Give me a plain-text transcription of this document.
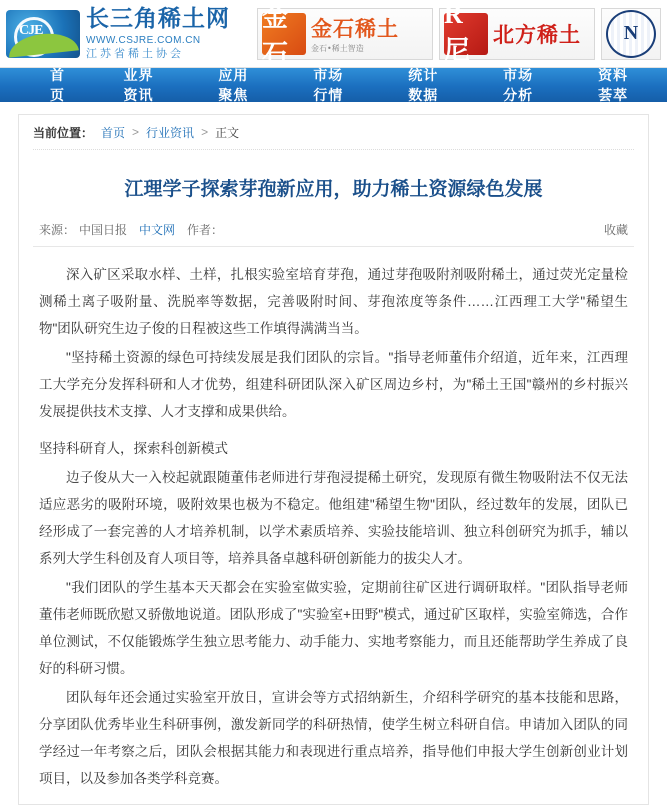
CJE 长三角稀土网
WWW.CSJRE.COM.CN
江苏省稀土协会
金石
金石稀土
金石•稀土智造
R尼
北方稀土 N
首页
业界资讯
应用聚焦
市场行情
统计数据
市场分析
资料荟萃
当前位置： 首页 > 行业资讯 > 正文
江理学子探索芽孢新应用，助力稀土资源绿色发展
来源： 中国日报 中文网 作者：	收藏

深入矿区采取水样、土样，扎根实验室培育芽孢，通过芽孢吸附剂吸附稀土，通过荧光定量检测稀土离子吸附量、洗脱率等数据，完善吸附时间、芽孢浓度等条件……江西理工大学"稀望生物"团队研究生边子俊的日程被这些工作填得满满当当。

"坚持稀土资源的绿色可持续发展是我们团队的宗旨。"指导老师董伟介绍道，近年来，江西理工大学充分发挥科研和人才优势，组建科研团队深入矿区周边乡村，为"稀土王国"赣州的乡村振兴发展提供技术支撑、人才支撑和成果供给。

坚持科研育人，探索科创新模式

边子俊从大一入校起就跟随董伟老师进行芽孢浸提稀土研究，发现原有微生物吸附法不仅无法适应恶劣的吸附环境，吸附效果也极为不稳定。他组建"稀望生物"团队，经过数年的发展，团队已经形成了一套完善的人才培养机制，以学术素质培养、实验技能培训、独立科创研究为抓手，辅以系列大学生科创及育人项目等，培养具备卓越科研创新能力的拔尖人才。

"我们团队的学生基本天天都会在实验室做实验，定期前往矿区进行调研取样。"团队指导老师董伟老师既欣慰又骄傲地说道。团队形成了"实验室+田野"模式，通过矿区取样，实验室筛选，合作单位测试，不仅能锻炼学生独立思考能力、动手能力、实地考察能力，而且还能帮助学生养成了良好的科研习惯。

团队每年还会通过实验室开放日，宣讲会等方式招纳新生，介绍科学研究的基本技能和思路，分享团队优秀毕业生科研事例，激发新同学的科研热情，使学生树立科研自信。申请加入团队的同学经过一年考察之后，团队会根据其能力和表现进行重点培养，指导他们申报大学生创新创业计划项目，以及参加各类学科竞赛。
